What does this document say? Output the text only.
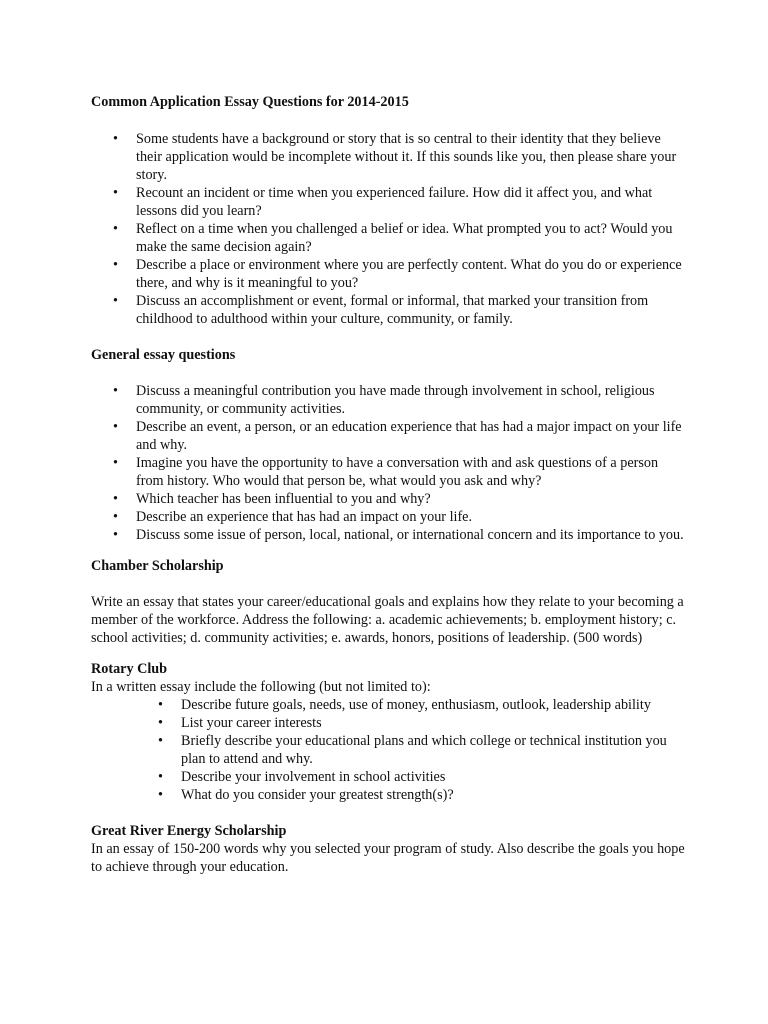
Common Application Essay Questions for 2014-2015

• Some students have a background or story that is so central to their identity that they believe their application would be incomplete without it. If this sounds like you, then please share your story.
• Recount an incident or time when you experienced failure. How did it affect you, and what lessons did you learn?
• Reflect on a time when you challenged a belief or idea. What prompted you to act? Would you make the same decision again?
• Describe a place or environment where you are perfectly content. What do you do or experience there, and why is it meaningful to you?
• Discuss an accomplishment or event, formal or informal, that marked your transition from childhood to adulthood within your culture, community, or family.

General essay questions

• Discuss a meaningful contribution you have made through involvement in school, religious community, or community activities.
• Describe an event, a person, or an education experience that has had a major impact on your life and why.
• Imagine you have the opportunity to have a conversation with and ask questions of a person from history. Who would that person be, what would you ask and why?
• Which teacher has been influential to you and why?
• Describe an experience that has had an impact on your life.
• Discuss some issue of person, local, national, or international concern and its importance to you.

Chamber Scholarship

Write an essay that states your career/educational goals and explains how they relate to your becoming a member of the workforce. Address the following: a. academic achievements; b. employment history; c. school activities; d. community activities; e. awards, honors, positions of leadership. (500 words)

Rotary Club

In a written essay include the following (but not limited to):

• Describe future goals, needs, use of money, enthusiasm, outlook, leadership ability
• List your career interests
• Briefly describe your educational plans and which college or technical institution you plan to attend and why.
• Describe your involvement in school activities
• What do you consider your greatest strength(s)?

Great River Energy Scholarship

In an essay of 150-200 words why you selected your program of study. Also describe the goals you hope to achieve through your education.
